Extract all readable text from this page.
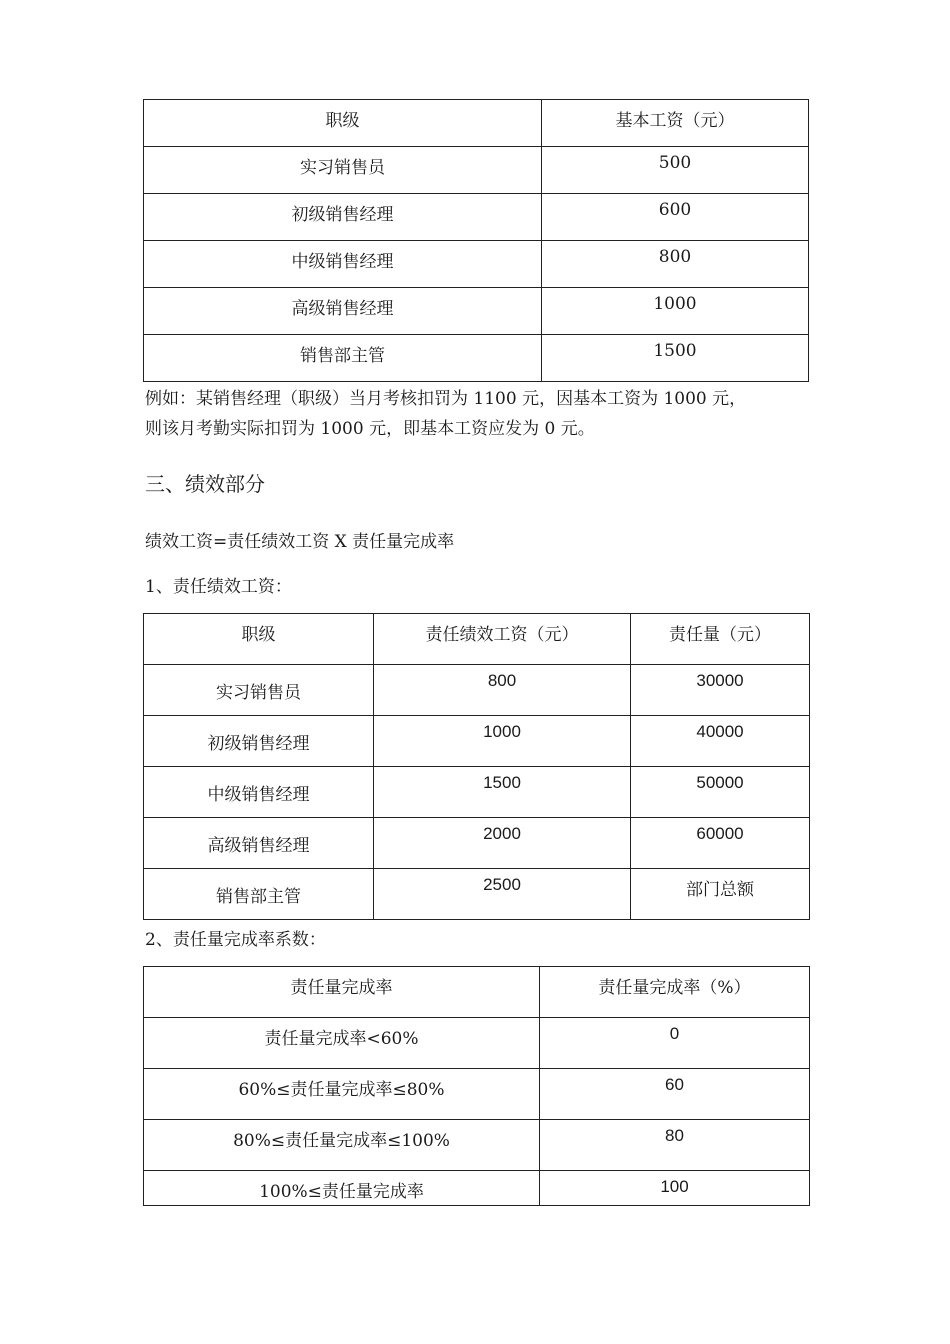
职级	基本工资（元）
实习销售员	500
初级销售经理	600
中级销售经理	800
高级销售经理	1000
销售部主管	1500

例如：某销售经理（职级）当月考核扣罚为 1100 元，因基本工资为 1000 元，

则该月考勤实际扣罚为 1000 元，即基本工资应发为 0 元。

三、绩效部分

绩效工资=责任绩效工资 X 责任量完成率

1、责任绩效工资：

职级	责任绩效工资（元）	责任量（元）
实习销售员	800	30000
初级销售经理	1000	40000
中级销售经理	1500	50000
高级销售经理	2000	60000
销售部主管	2500	部门总额

2、责任量完成率系数：

责任量完成率	责任量完成率（%）
责任量完成率<60%	0
60%≤责任量完成率≤80%	60
80%≤责任量完成率≤100%	80
100%≤责任量完成率	100
